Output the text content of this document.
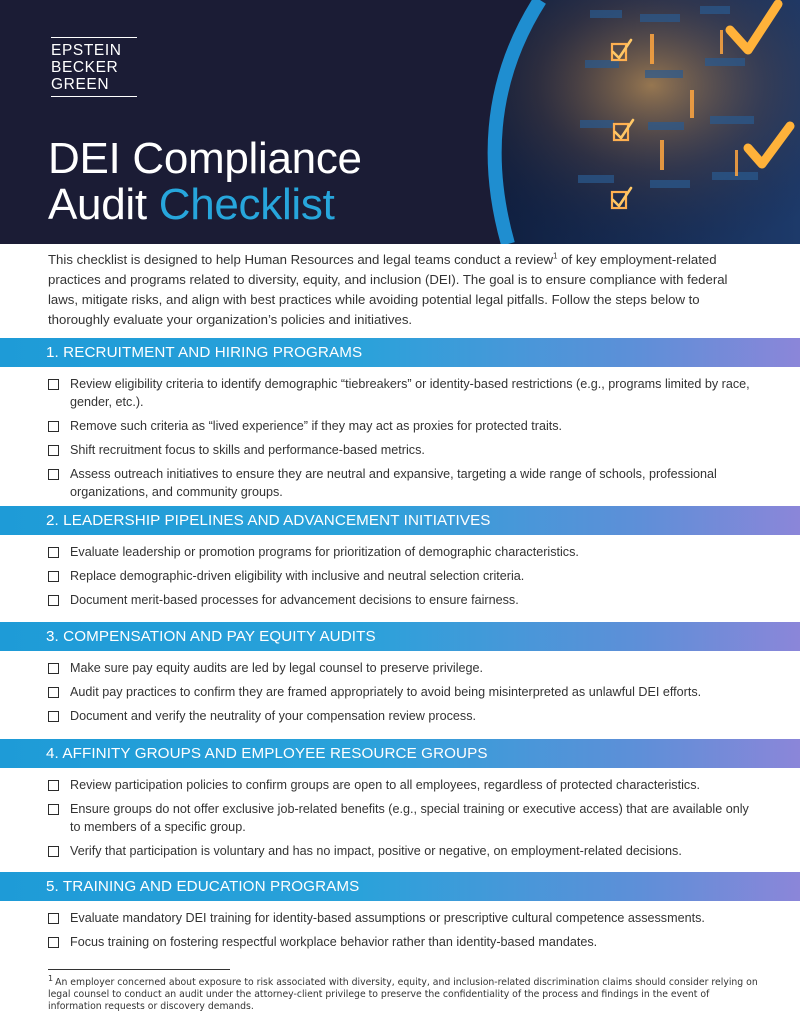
EPSTEIN
BECKER
GREEN
DEI Compliance
Audit Checklist

This checklist is designed to help Human Resources and legal teams conduct a review$^1$ of key employment-related practices and programs related to diversity, equity, and inclusion (DEI). The goal is to ensure compliance with federal laws, mitigate risks, and align with best practices while avoiding potential legal pitfalls. Follow the steps below to thoroughly evaluate your organization’s policies and initiatives.

1. RECRUITMENT AND HIRING PROGRAMS
Review eligibility criteria to identify demographic “tiebreakers” or identity-based restrictions (e.g., programs limited by race, gender, etc.).
Remove such criteria as “lived experience” if they may act as proxies for protected traits.
Shift recruitment focus to skills and performance-based metrics.
Assess outreach initiatives to ensure they are neutral and expansive, targeting a wide range of schools, professional organizations, and community groups.
2. LEADERSHIP PIPELINES AND ADVANCEMENT INITIATIVES
Evaluate leadership or promotion programs for prioritization of demographic characteristics.
Replace demographic-driven eligibility with inclusive and neutral selection criteria.
Document merit-based processes for advancement decisions to ensure fairness.
3. COMPENSATION AND PAY EQUITY AUDITS
Make sure pay equity audits are led by legal counsel to preserve privilege.
Audit pay practices to confirm they are framed appropriately to avoid being misinterpreted as unlawful DEI efforts.
Document and verify the neutrality of your compensation review process.
4. AFFINITY GROUPS AND EMPLOYEE RESOURCE GROUPS
Review participation policies to confirm groups are open to all employees, regardless of protected characteristics.
Ensure groups do not offer exclusive job-related benefits (e.g., special training or executive access) that are available only to members of a specific group.
Verify that participation is voluntary and has no impact, positive or negative, on employment-related decisions.
5. TRAINING AND EDUCATION PROGRAMS
Evaluate mandatory DEI training for identity-based assumptions or prescriptive cultural competence assessments.
Focus training on fostering respectful workplace behavior rather than identity-based mandates.

$^1$ An employer concerned about exposure to risk associated with diversity, equity, and inclusion-related discrimination claims should consider relying on legal counsel to conduct an audit under the attorney-client privilege to preserve the confidentiality of the process and findings in the event of information requests or discovery demands.
